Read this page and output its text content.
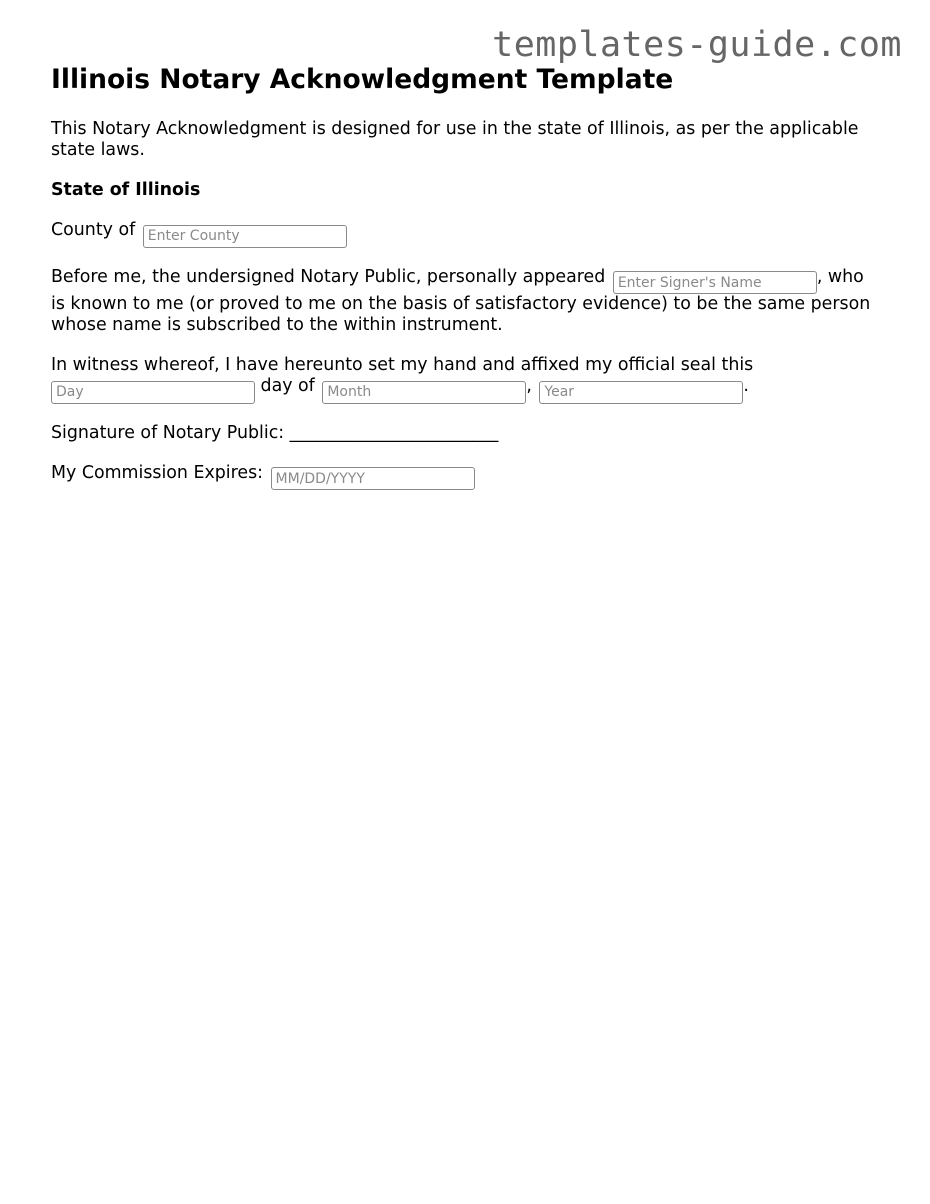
templates-guide.com
Illinois Notary Acknowledgment Template

This Notary Acknowledgment is designed for use in the state of Illinois, as per the applicable state laws.

State of Illinois

County of Enter County

Before me, the undersigned Notary Public, personally appeared Enter Signer's Name	, who is known to me (or proved to me on the basis of satisfactory evidence) to be the same person whose name is subscribed to the within instrument.

In witness whereof, I have hereunto set my hand and affixed my official seal this
Day day of Month	, Year	.

Signature of Notary Public: ________________________

My Commission Expires: MM/DD/YYYY
